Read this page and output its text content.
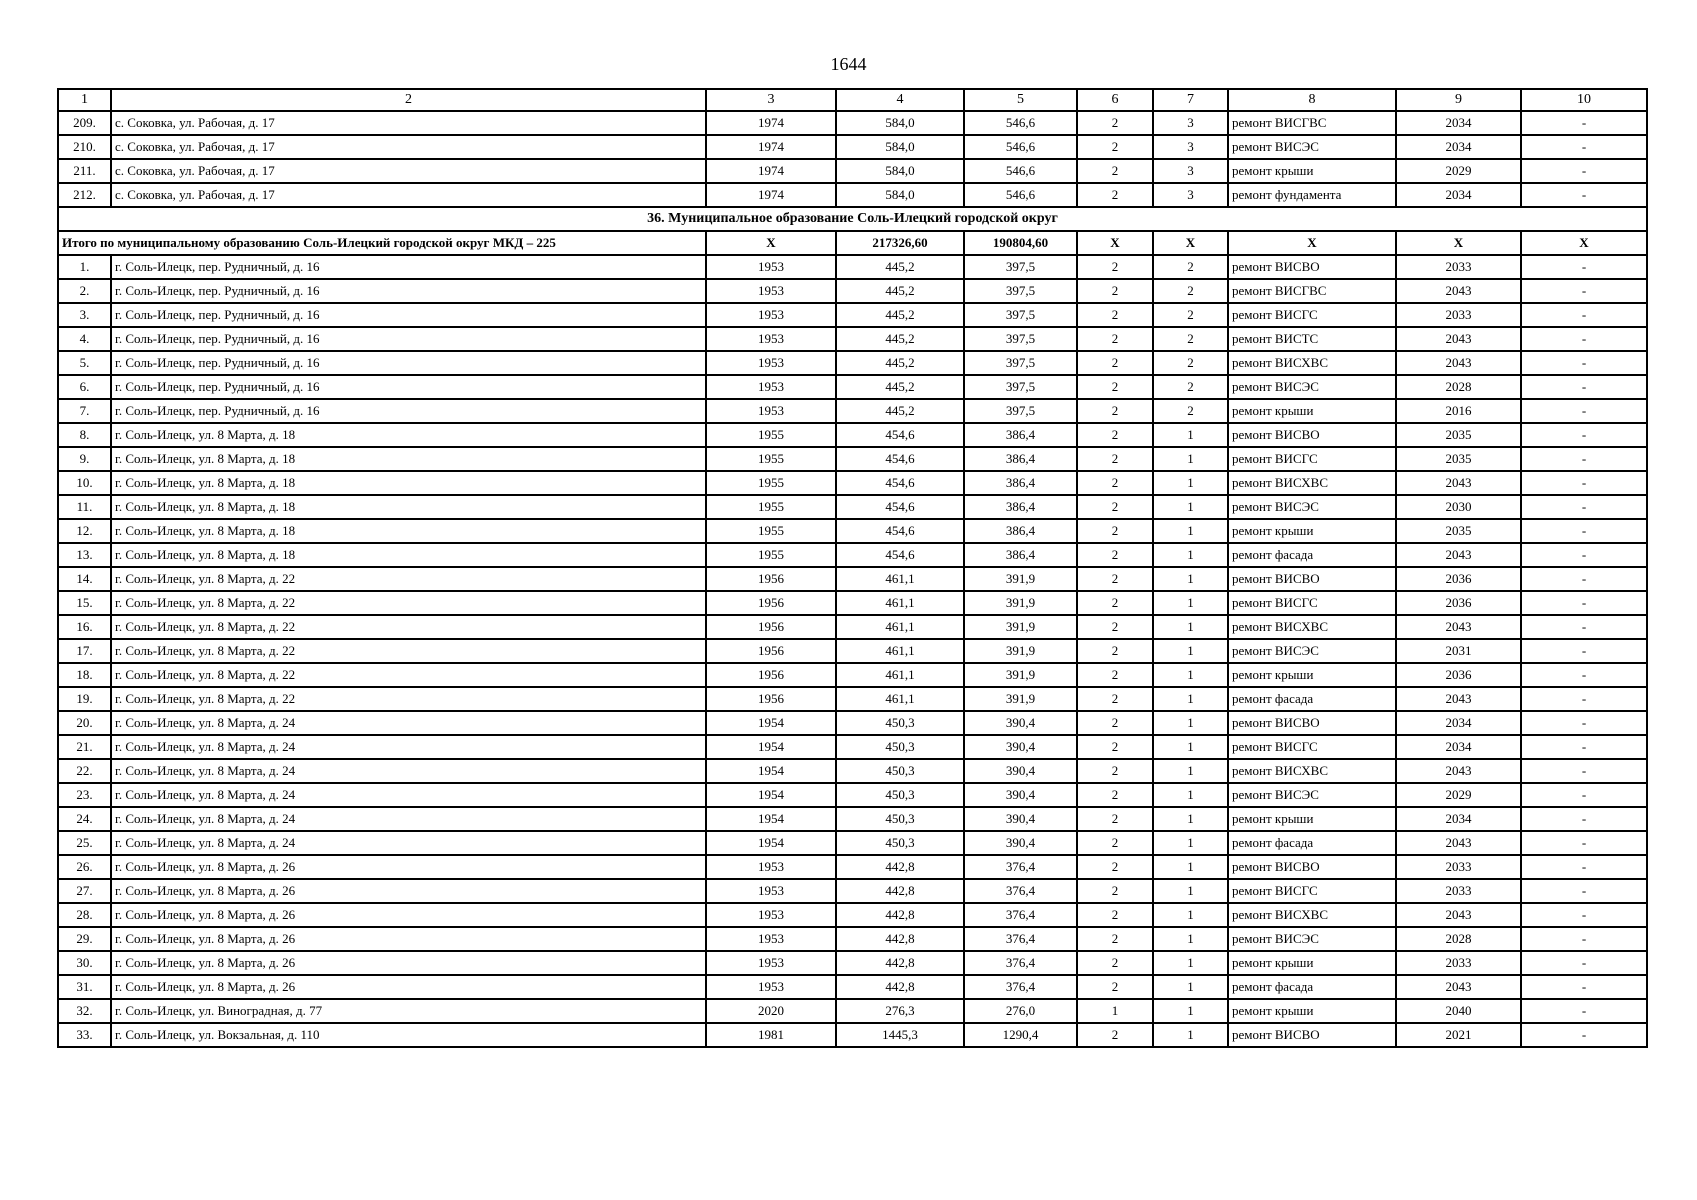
1644
1	2	3	4	5	6	7	8	9	10
209.	с. Соковка, ул. Рабочая, д. 17	1974	584,0	546,6	2	3	ремонт ВИСГВС	2034	-
210.	с. Соковка, ул. Рабочая, д. 17	1974	584,0	546,6	2	3	ремонт ВИСЭС	2034	-
211.	с. Соковка, ул. Рабочая, д. 17	1974	584,0	546,6	2	3	ремонт крыши	2029	-
212.	с. Соковка, ул. Рабочая, д. 17	1974	584,0	546,6	2	3	ремонт фундамента	2034	-
36. Муниципальное образование Соль-Илецкий городской округ									
Итого по муниципальному образованию Соль-Илецкий городской округ МКД – 225		Х	217326,60	190804,60	Х	Х	Х	Х	Х
1.	г. Соль-Илецк, пер. Рудничный, д. 16	1953	445,2	397,5	2	2	ремонт ВИСВО	2033	-
2.	г. Соль-Илецк, пер. Рудничный, д. 16	1953	445,2	397,5	2	2	ремонт ВИСГВС	2043	-
3.	г. Соль-Илецк, пер. Рудничный, д. 16	1953	445,2	397,5	2	2	ремонт ВИСГС	2033	-
4.	г. Соль-Илецк, пер. Рудничный, д. 16	1953	445,2	397,5	2	2	ремонт ВИСТС	2043	-
5.	г. Соль-Илецк, пер. Рудничный, д. 16	1953	445,2	397,5	2	2	ремонт ВИСХВС	2043	-
6.	г. Соль-Илецк, пер. Рудничный, д. 16	1953	445,2	397,5	2	2	ремонт ВИСЭС	2028	-
7.	г. Соль-Илецк, пер. Рудничный, д. 16	1953	445,2	397,5	2	2	ремонт крыши	2016	-
8.	г. Соль-Илецк, ул. 8 Марта, д. 18	1955	454,6	386,4	2	1	ремонт ВИСВО	2035	-
9.	г. Соль-Илецк, ул. 8 Марта, д. 18	1955	454,6	386,4	2	1	ремонт ВИСГС	2035	-
10.	г. Соль-Илецк, ул. 8 Марта, д. 18	1955	454,6	386,4	2	1	ремонт ВИСХВС	2043	-
11.	г. Соль-Илецк, ул. 8 Марта, д. 18	1955	454,6	386,4	2	1	ремонт ВИСЭС	2030	-
12.	г. Соль-Илецк, ул. 8 Марта, д. 18	1955	454,6	386,4	2	1	ремонт крыши	2035	-
13.	г. Соль-Илецк, ул. 8 Марта, д. 18	1955	454,6	386,4	2	1	ремонт фасада	2043	-
14.	г. Соль-Илецк, ул. 8 Марта, д. 22	1956	461,1	391,9	2	1	ремонт ВИСВО	2036	-
15.	г. Соль-Илецк, ул. 8 Марта, д. 22	1956	461,1	391,9	2	1	ремонт ВИСГС	2036	-
16.	г. Соль-Илецк, ул. 8 Марта, д. 22	1956	461,1	391,9	2	1	ремонт ВИСХВС	2043	-
17.	г. Соль-Илецк, ул. 8 Марта, д. 22	1956	461,1	391,9	2	1	ремонт ВИСЭС	2031	-
18.	г. Соль-Илецк, ул. 8 Марта, д. 22	1956	461,1	391,9	2	1	ремонт крыши	2036	-
19.	г. Соль-Илецк, ул. 8 Марта, д. 22	1956	461,1	391,9	2	1	ремонт фасада	2043	-
20.	г. Соль-Илецк, ул. 8 Марта, д. 24	1954	450,3	390,4	2	1	ремонт ВИСВО	2034	-
21.	г. Соль-Илецк, ул. 8 Марта, д. 24	1954	450,3	390,4	2	1	ремонт ВИСГС	2034	-
22.	г. Соль-Илецк, ул. 8 Марта, д. 24	1954	450,3	390,4	2	1	ремонт ВИСХВС	2043	-
23.	г. Соль-Илецк, ул. 8 Марта, д. 24	1954	450,3	390,4	2	1	ремонт ВИСЭС	2029	-
24.	г. Соль-Илецк, ул. 8 Марта, д. 24	1954	450,3	390,4	2	1	ремонт крыши	2034	-
25.	г. Соль-Илецк, ул. 8 Марта, д. 24	1954	450,3	390,4	2	1	ремонт фасада	2043	-
26.	г. Соль-Илецк, ул. 8 Марта, д. 26	1953	442,8	376,4	2	1	ремонт ВИСВО	2033	-
27.	г. Соль-Илецк, ул. 8 Марта, д. 26	1953	442,8	376,4	2	1	ремонт ВИСГС	2033	-
28.	г. Соль-Илецк, ул. 8 Марта, д. 26	1953	442,8	376,4	2	1	ремонт ВИСХВС	2043	-
29.	г. Соль-Илецк, ул. 8 Марта, д. 26	1953	442,8	376,4	2	1	ремонт ВИСЭС	2028	-
30.	г. Соль-Илецк, ул. 8 Марта, д. 26	1953	442,8	376,4	2	1	ремонт крыши	2033	-
31.	г. Соль-Илецк, ул. 8 Марта, д. 26	1953	442,8	376,4	2	1	ремонт фасада	2043	-
32.	г. Соль-Илецк, ул. Виноградная, д. 77	2020	276,3	276,0	1	1	ремонт крыши	2040	-
33.	г. Соль-Илецк, ул. Вокзальная, д. 110	1981	1445,3	1290,4	2	1	ремонт ВИСВО	2021	-
